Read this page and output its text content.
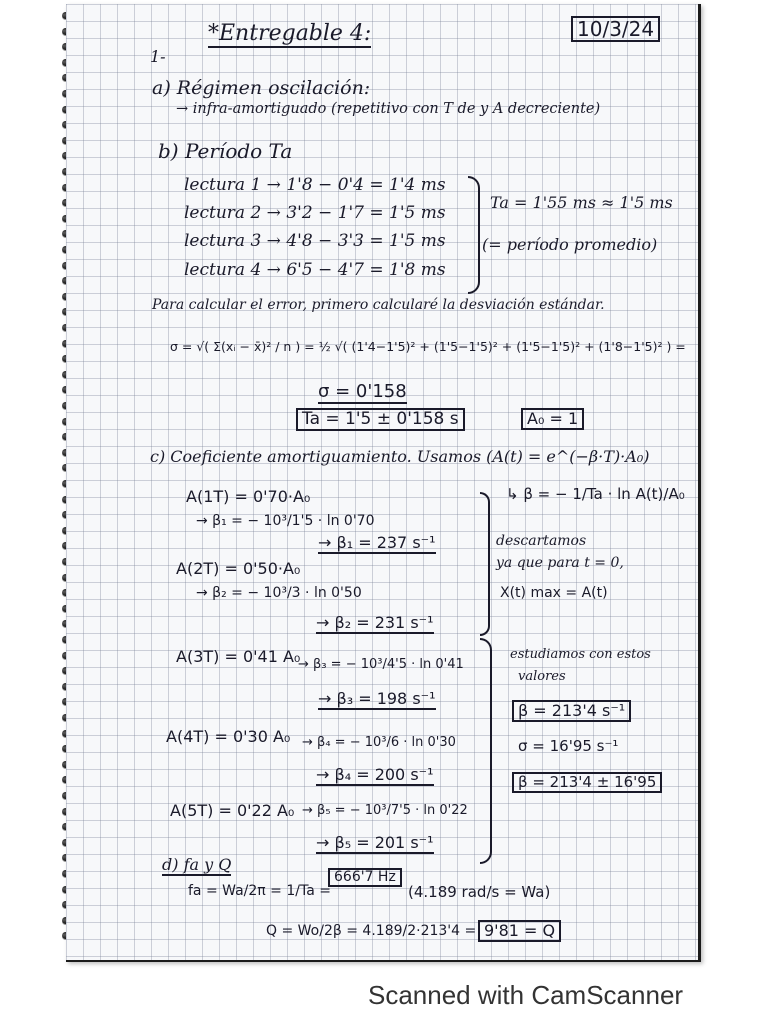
*Entregable 4:	10/3/24
1-
a) Régimen oscilación:
→ infra-amortiguado (repetitivo con T de y A decreciente)
b) Período Ta
lectura 1 → 1'8 − 0'4 = 1'4 ms
lectura 2 → 3'2 − 1'7 = 1'5 ms
lectura 3 → 4'8 − 3'3 = 1'5 ms
lectura 4 → 6'5 − 4'7 = 1'8 ms
Ta = 1'55 ms ≈ 1'5 ms
(= período promedio)
Para calcular el error, primero calcularé la desviación estándar.
σ = √( Σ(xᵢ − x̄)² / n ) = ½ √( (1'4−1'5)² + (1'5−1'5)² + (1'5−1'5)² + (1'8−1'5)² ) =
σ = 0'158
Ta = 1'5 ± 0'158 s	A₀ = 1
c) Coeficiente amortiguamiento. Usamos (A(t) = e^(−β·T)·A₀)
↳ β = − 1/Ta · ln A(t)/A₀
A(1T) = 0'70·A₀
→ β₁ = − 10³/1'5 · ln 0'70
→ β₁ = 237 s⁻¹
A(2T) = 0'50·A₀
→ β₂ = − 10³/3 · ln 0'50
→ β₂ = 231 s⁻¹
descartamos
ya que para t = 0,
X(t) max = A(t)
A(3T) = 0'41 A₀
→ β₃ = − 10³/4'5 · ln 0'41
→ β₃ = 198 s⁻¹
A(4T) = 0'30 A₀ → β₄ = − 10³/6 · ln 0'30
→ β₄ = 200 s⁻¹
A(5T) = 0'22 A₀ → β₅ = − 10³/7'5 · ln 0'22
→ β₅ = 201 s⁻¹
estudiamos con estos
valores
β = 213'4 s⁻¹
σ = 16'95 s⁻¹
β = 213'4 ± 16'95
d) fa y Q
fa = Wa/2π = 1/Ta =
666'7 Hz
(4.189 rad/s = Wa)
Q = Wo/2β = 4.189/2·213'4 = 9'81 = Q
Scanned with CamScanner
